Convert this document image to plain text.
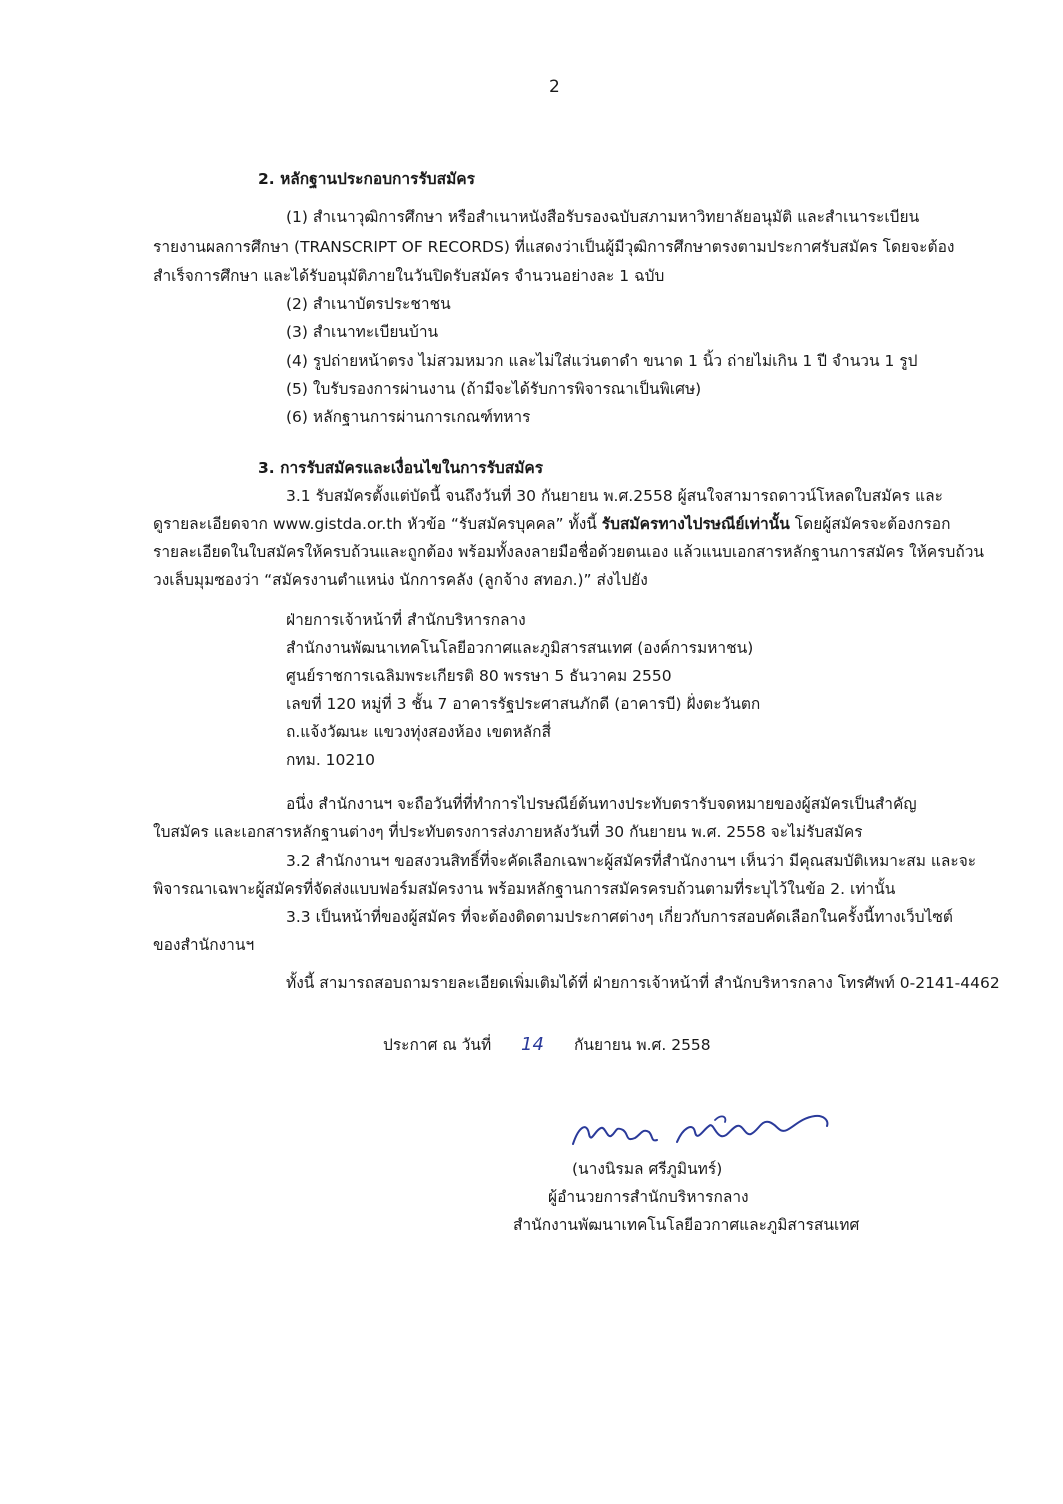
2

2. หลักฐานประกอบการรับสมัคร

(1) สำเนาวุฒิการศึกษา หรือสำเนาหนังสือรับรองฉบับสภามหาวิทยาลัยอนุมัติ และสำเนาระเบียน

รายงานผลการศึกษา (TRANSCRIPT OF RECORDS) ที่แสดงว่าเป็นผู้มีวุฒิการศึกษาตรงตามประกาศรับสมัคร โดยจะต้อง

สำเร็จการศึกษา และได้รับอนุมัติภายในวันปิดรับสมัคร จำนวนอย่างละ 1 ฉบับ

(2) สำเนาบัตรประชาชน

(3) สำเนาทะเบียนบ้าน

(4) รูปถ่ายหน้าตรง ไม่สวมหมวก และไม่ใส่แว่นตาดำ ขนาด 1 นิ้ว ถ่ายไม่เกิน 1 ปี จำนวน 1 รูป

(5) ใบรับรองการผ่านงาน (ถ้ามีจะได้รับการพิจารณาเป็นพิเศษ)

(6) หลักฐานการผ่านการเกณฑ์ทหาร

3. การรับสมัครและเงื่อนไขในการรับสมัคร

3.1 รับสมัครตั้งแต่บัดนี้ จนถึงวันที่ 30 กันยายน พ.ศ.2558 ผู้สนใจสามารถดาวน์โหลดใบสมัคร และ

ดูรายละเอียดจาก www.gistda.or.th หัวข้อ “รับสมัครบุคคล” ทั้งนี้ รับสมัครทางไปรษณีย์เท่านั้น โดยผู้สมัครจะต้องกรอก

รายละเอียดในใบสมัครให้ครบถ้วนและถูกต้อง พร้อมทั้งลงลายมือชื่อด้วยตนเอง แล้วแนบเอกสารหลักฐานการสมัคร ให้ครบถ้วน

วงเล็บมุมซองว่า “สมัครงานตำแหน่ง นักการคลัง (ลูกจ้าง สทอภ.)” ส่งไปยัง

ฝ่ายการเจ้าหน้าที่ สำนักบริหารกลาง

สำนักงานพัฒนาเทคโนโลยีอวกาศและภูมิสารสนเทศ (องค์การมหาชน)

ศูนย์ราชการเฉลิมพระเกียรติ 80 พรรษา 5 ธันวาคม 2550

เลขที่ 120 หมู่ที่ 3 ชั้น 7 อาคารรัฐประศาสนภักดี (อาคารบี) ฝั่งตะวันตก

ถ.แจ้งวัฒนะ แขวงทุ่งสองห้อง เขตหลักสี่

กทม. 10210

อนึ่ง สำนักงานฯ จะถือวันที่ที่ทำการไปรษณีย์ต้นทางประทับตรารับจดหมายของผู้สมัครเป็นสำคัญ

ใบสมัคร และเอกสารหลักฐานต่างๆ ที่ประทับตรงการส่งภายหลังวันที่ 30 กันยายน พ.ศ. 2558 จะไม่รับสมัคร

3.2 สำนักงานฯ ขอสงวนสิทธิ์ที่จะคัดเลือกเฉพาะผู้สมัครที่สำนักงานฯ เห็นว่า มีคุณสมบัติเหมาะสม และจะ

พิจารณาเฉพาะผู้สมัครที่จัดส่งแบบฟอร์มสมัครงาน พร้อมหลักฐานการสมัครครบถ้วนตามที่ระบุไว้ในข้อ 2. เท่านั้น

3.3 เป็นหน้าที่ของผู้สมัคร ที่จะต้องติดตามประกาศต่างๆ เกี่ยวกับการสอบคัดเลือกในครั้งนี้ทางเว็บไซต์

ของสำนักงานฯ

ทั้งนี้ สามารถสอบถามรายละเอียดเพิ่มเติมได้ที่ ฝ่ายการเจ้าหน้าที่ สำนักบริหารกลาง โทรศัพท์ 0-2141-4462

ประกาศ ณ วันที่ 14 กันยายน พ.ศ. 2558

(นางนิรมล ศรีภูมินทร์)

ผู้อำนวยการสำนักบริหารกลาง

สำนักงานพัฒนาเทคโนโลยีอวกาศและภูมิสารสนเทศ
